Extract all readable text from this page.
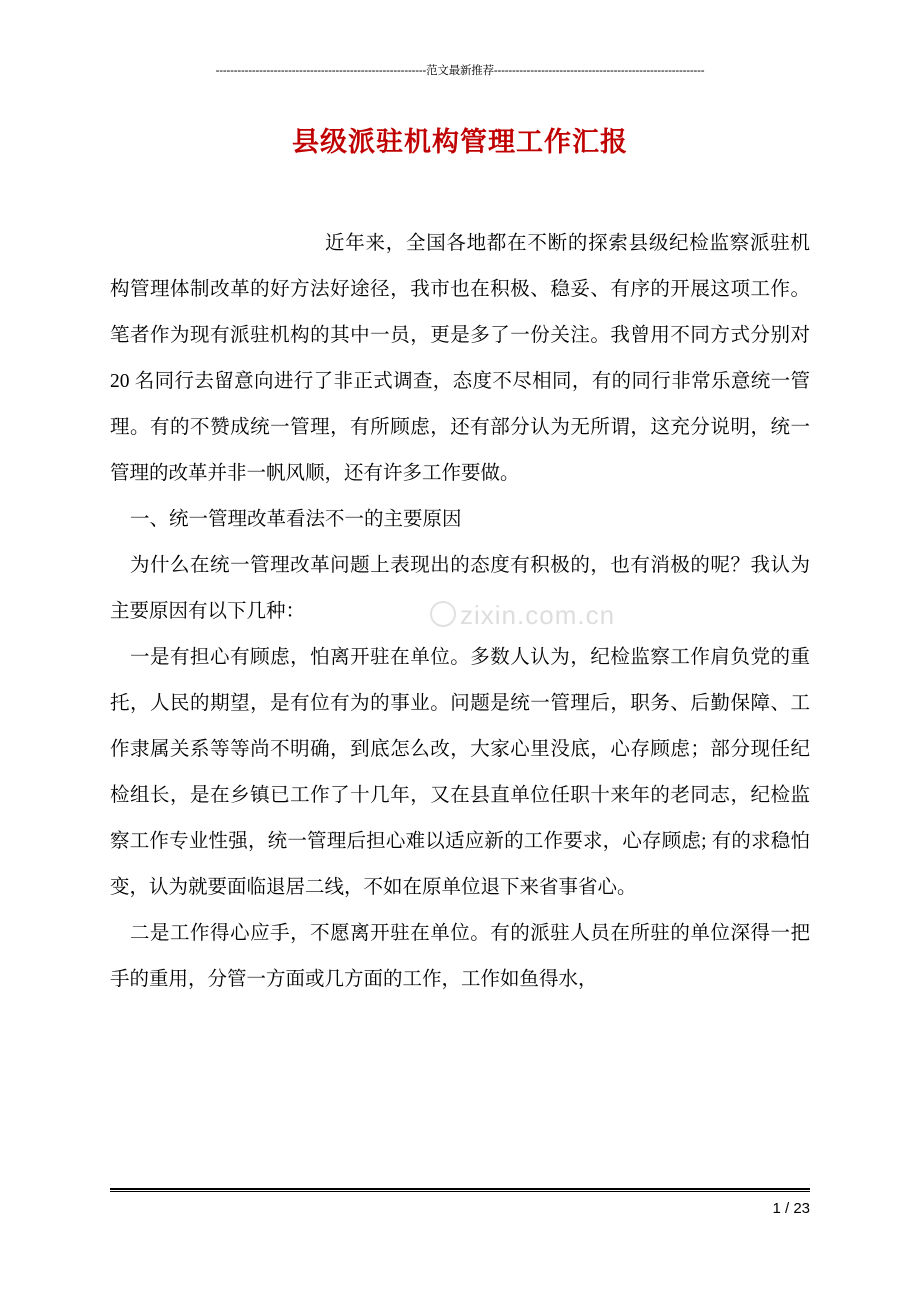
----------------------------------------------------------范文最新推荐----------------------------------------------------------
县级派驻机构管理工作汇报

近年来，全国各地都在不断的探索县级纪检监察派驻机构管理体制改革的好方法好途径，我市也在积极、稳妥、有序的开展这项工作。笔者作为现有派驻机构的其中一员，更是多了一份关注。我曾用不同方式分别对 20 名同行去留意向进行了非正式调查，态度不尽相同，有的同行非常乐意统一管理。有的不赞成统一管理，有所顾虑，还有部分认为无所谓，这充分说明，统一管理的改革并非一帆风顺，还有许多工作要做。

一、统一管理改革看法不一的主要原因

为什么在统一管理改革问题上表现出的态度有积极的，也有消极的呢？我认为主要原因有以下几种：

一是有担心有顾虑，怕离开驻在单位。多数人认为，纪检监察工作肩负党的重托，人民的期望，是有位有为的事业。问题是统一管理后，职务、后勤保障、工作隶属关系等等尚不明确，到底怎么改，大家心里没底，心存顾虑；部分现任纪检组长，是在乡镇已工作了十几年，又在县直单位任职十来年的老同志，纪检监察工作专业性强，统一管理后担心难以适应新的工作要求，心存顾虑; 有的求稳怕变，认为就要面临退居二线，不如在原单位退下来省事省心。

二是工作得心应手，不愿离开驻在单位。有的派驻人员在所驻的单位深得一把手的重用，分管一方面或几方面的工作，工作如鱼得水，

zixin.com.cn
1 / 23
